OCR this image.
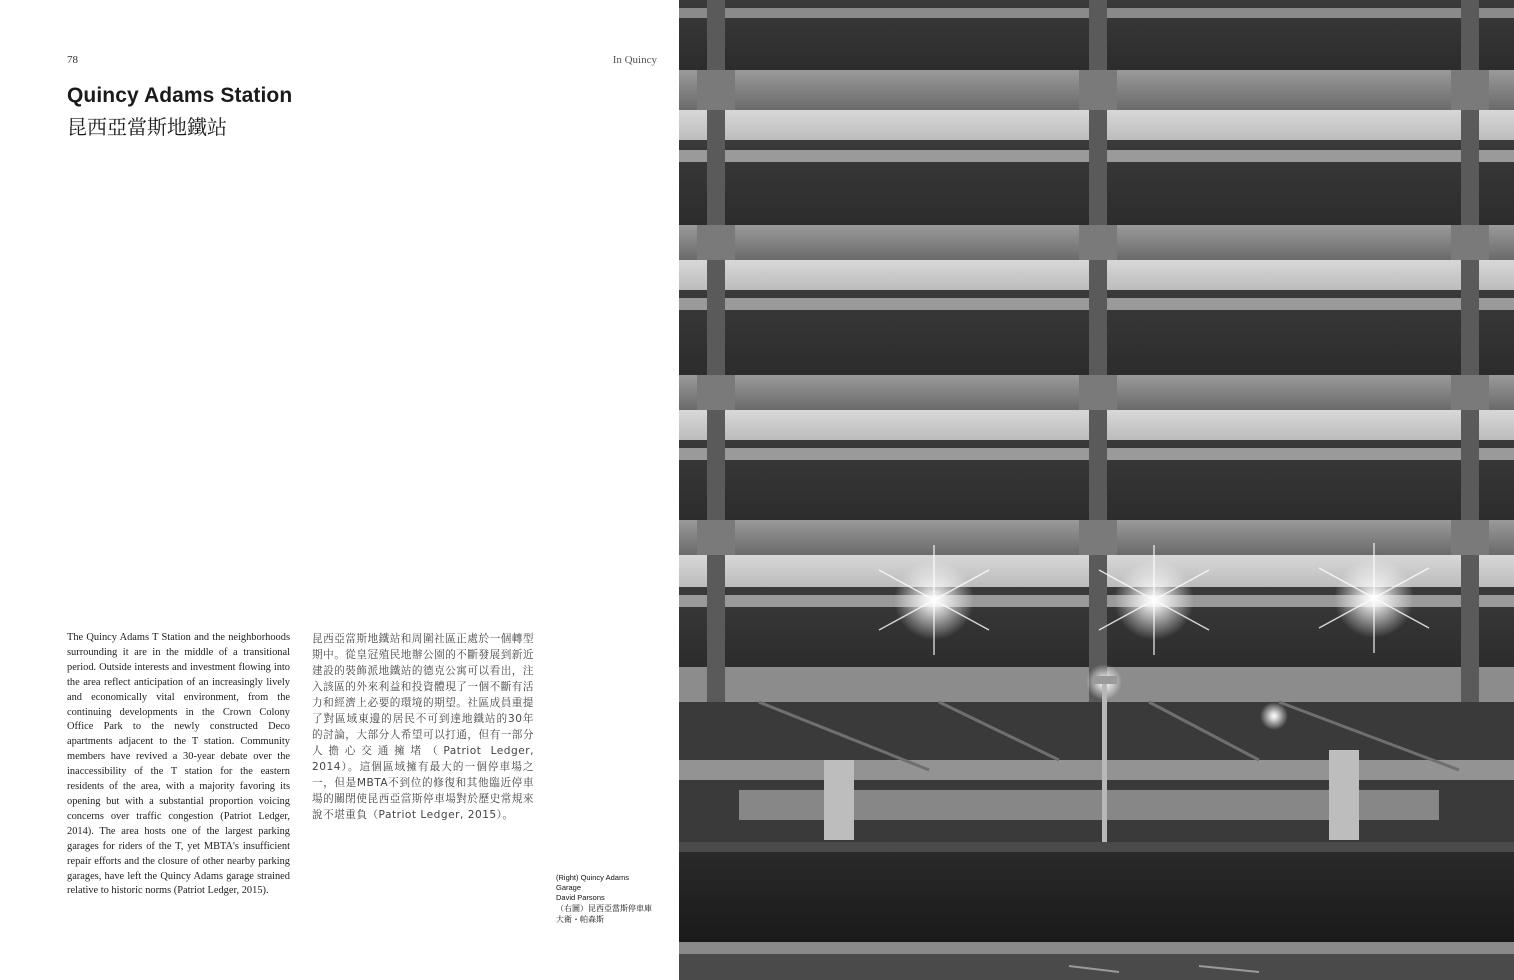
78	In Quincy
Quincy Adams Station
昆西亞當斯地鐵站

The Quincy Adams T Station and the neighborhoods surrounding it are in the middle of a transitional period. Outside interests and investment flowing into the area reflect anticipation of an increasingly lively and economically vital environment, from the continuing developments in the Crown Colony Office Park to the newly constructed Deco apartments adjacent to the T station. Community members have revived a 30-year debate over the inaccessibility of the T station for the eastern residents of the area, with a majority favoring its opening but with a substantial proportion voicing concerns over traffic congestion (Patriot Ledger, 2014). The area hosts one of the largest parking garages for riders of the T, yet MBTA's insufficient repair efforts and the closure of other nearby parking garages, have left the Quincy Adams garage strained relative to historic norms (Patriot Ledger, 2015).

昆西亞當斯地鐵站和周圍社區正處於一個轉型期中。從皇冠殖民地辦公園的不斷發展到新近建設的裝飾派地鐵站的德克公寓可以看出，注入該區的外來利益和投資體現了一個不斷有活力和經濟上必要的環境的期望。社區成員重提了對區域東邊的居民不可到達地鐵站的30年的討論，大部分人希望可以打通，但有一部分人擔心交通擁堵（Patriot Ledger, 2014）。這個區域擁有最大的一個停車場之一，但是MBTA不到位的修復和其他臨近停車場的關閉使昆西亞當斯停車場對於歷史常規來說不堪重負（Patriot Ledger, 2015）。

(Right) Quincy Adams Garage
David Parsons
（右圖）昆西亞當斯停車庫
大衛・帕森斯
